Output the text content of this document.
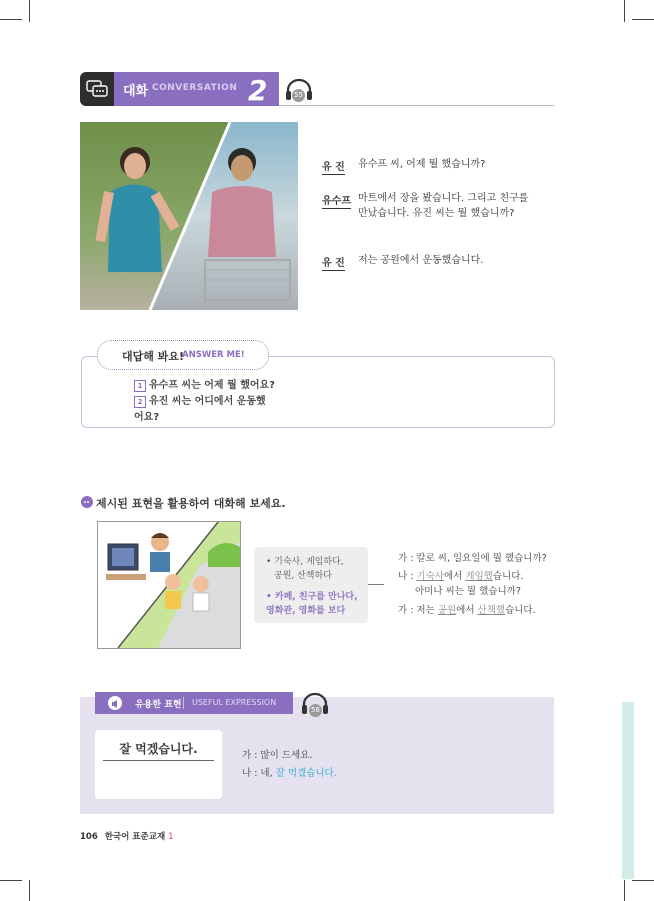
대화 CONVERSATION 2	55
유 진 유수프 씨, 어제 뭘 했습니까?
유수프 마트에서 장을 봤습니다. 그리고 친구를
만났습니다. 유진 씨는 뭘 했습니까?
유 진 저는 공원에서 운동했습니다.
대답해 봐요!
ANSWER ME!
1 유수프 씨는 어제 뭘 했어요?
2 유진 씨는 어디에서 운동했
어요?
제시된 표현을 활용하여 대화해 보세요.
• 기숙사, 게임하다,
공원, 산책하다
• 카페, 친구를 만나다,
영화관, 영화를 보다
가 : 칼로 씨, 일요일에 뭘 했습니까?
나 : 기숙사에서 게임했습니다.
아미나 씨는 뭘 했습니까?
가 : 저는 공원에서 산책했습니다.
유용한 표현 USEFUL EXPRESSION
56
잘 먹겠습니다.	가 : 많이 드세요.
나 : 네, 잘 먹겠습니다.
106 한국어 표준교재 1
